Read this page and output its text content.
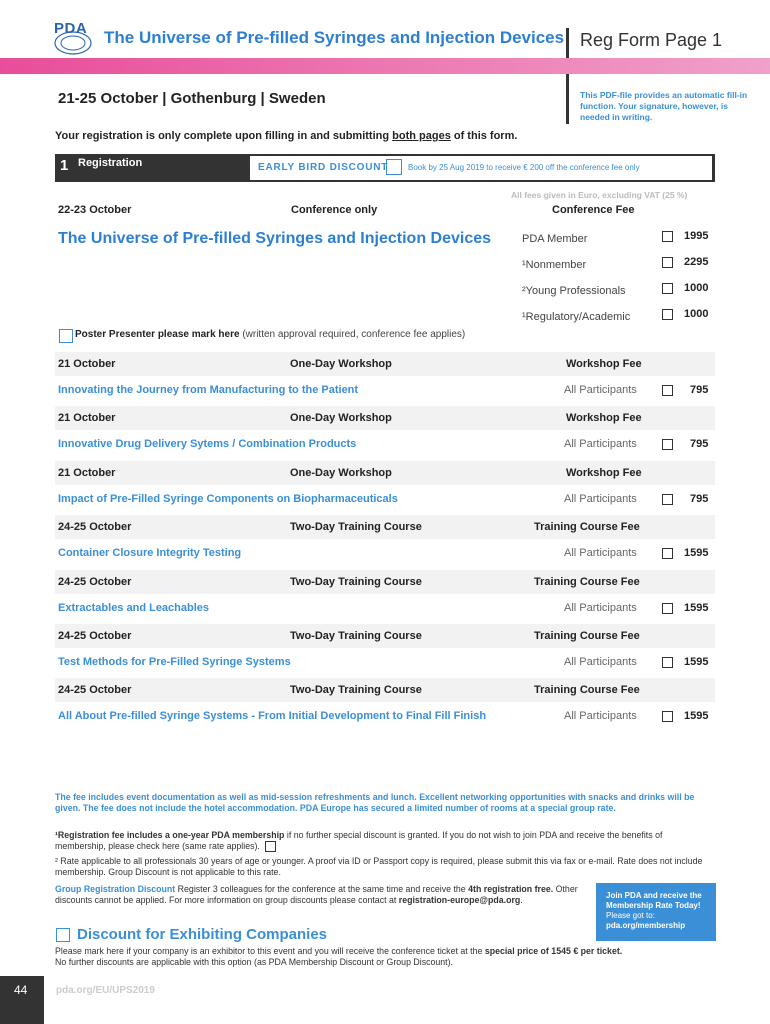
PDA The Universe of Pre-filled Syringes and Injection Devices Reg Form Page 1
21-25 October | Gothenburg | Sweden	This PDF-file provides an automatic fill-in function. Your signature, however, is needed in writing.
Your registration is only complete upon filling in and submitting both pages of this form.
1 Registration	EARLY BIRD DISCOUNT Book by 25 Aug 2019 to receive € 200 off the conference fee only
All fees given in Euro, excluding VAT (25 %)
22-23 October	Conference only	Conference Fee
The Universe of Pre-filled Syringes and Injection Devices	PDA Member	1995
¹Nonmember	2295
²Young Professionals	1000
¹Regulatory/Academic	1000
Poster Presenter please mark here (written approval required, conference fee applies)
21 October	One-Day Workshop	Workshop Fee
Innovating the Journey from Manufacturing to the Patient	All Participants	795
21 October	One-Day Workshop	Workshop Fee
Innovative Drug Delivery Sytems / Combination Products	All Participants	795
21 October	One-Day Workshop	Workshop Fee
Impact of Pre-Filled Syringe Components on Biopharmaceuticals	All Participants	795
24-25 October	Two-Day Training Course	Training Course Fee
Container Closure Integrity Testing	All Participants	1595
24-25 October	Two-Day Training Course	Training Course Fee
Extractables and Leachables	All Participants	1595
24-25 October	Two-Day Training Course	Training Course Fee
Test Methods for Pre-Filled Syringe Systems	All Participants	1595
24-25 October	Two-Day Training Course	Training Course Fee
All About Pre-filled Syringe Systems - From Initial Development to Final Fill Finish	All Participants	1595
The fee includes event documentation as well as mid-session refreshments and lunch. Excellent networking opportunities with snacks and drinks will be given. The fee does not include the hotel accommodation. PDA Europe has secured a limited number of rooms at a special group rate.
¹Registration fee includes a one-year PDA membership if no further special discount is granted. If you do not wish to join PDA and receive the benefits of membership, please check here (same rate applies).
² Rate applicable to all professionals 30 years of age or younger. A proof via ID or Passport copy is required, please submit this via fax or e-mail. Rate does not include membership. Group Discount is not applicable to this rate.
Group Registration Discount Register 3 colleagues for the conference at the same time and receive the 4th registration free. Other discounts cannot be applied. For more information on group discounts please contact at registration-europe@pda.org.	Join PDA and receive the Membership Rate Today!
Please got to:
pda.org/membership
Discount for Exhibiting Companies
Please mark here if your company is an exhibitor to this event and you will receive the conference ticket at the special price of 1545 € per ticket.
No further discounts are applicable with this option (as PDA Membership Discount or Group Discount).
44	pda.org/EU/UPS2019
